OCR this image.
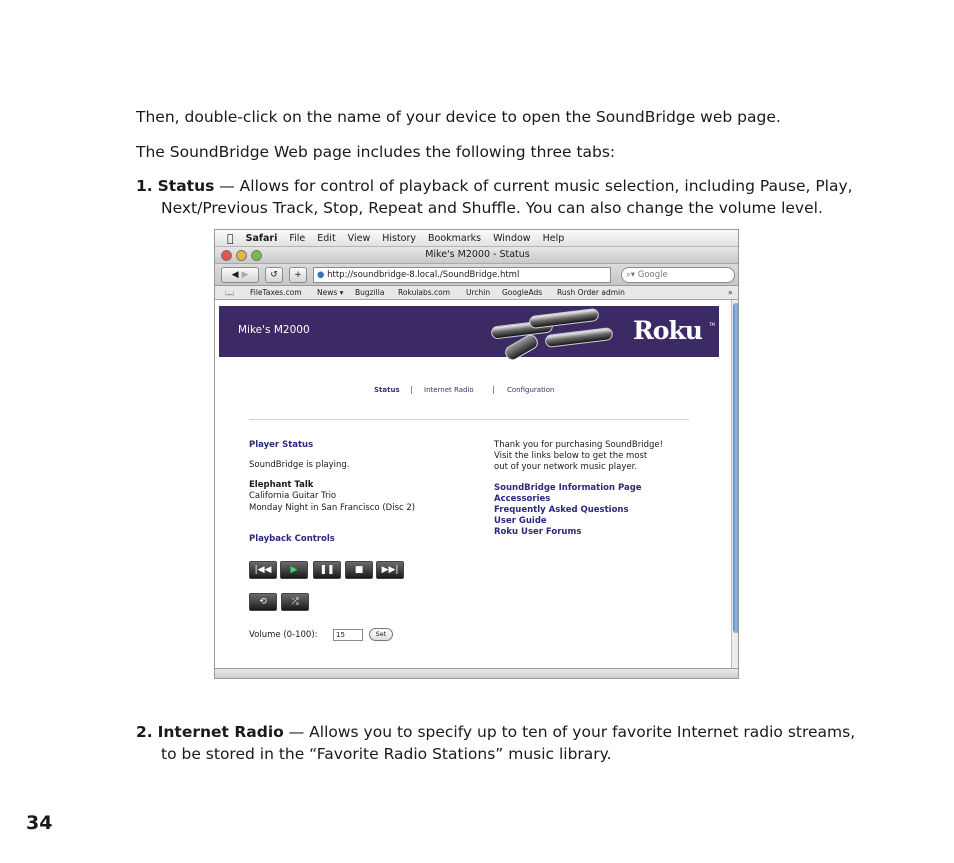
Then, double-click on the name of your device to open the SoundBridge web page.
The SoundBridge Web page includes the following three tabs:
1. Status — Allows for control of playback of current music selection, including Pause, Play,
Next/Previous Track, Stop, Repeat and Shuffle. You can also change the volume level.
2. Internet Radio — Allows you to specify up to ten of your favorite Internet radio streams,
to be stored in the “Favorite Radio Stations” music library.
34
Safari File Edit View History Bookmarks Window Help
Mike's M2000 - Status
◀ ▶	↺	+	● http://soundbridge-8.local./SoundBridge.html	⌕▾ Google
📖 FileTaxes.com News ▾ Bugzilla Rokulabs.com Urchin GoogleAds Rush Order admin	»
Mike's M2000	Roku TM
Status | Internet Radio | Configuration
Player Status
SoundBridge is playing.
Elephant Talk
California Guitar Trio
Monday Night in San Francisco (Disc 2)
Playback Controls
|◀◀	▶	❚❚	■	▶▶|
⟲	⤮
Volume (0-100):	15	Set
Thank you for purchasing SoundBridge!
Visit the links below to get the most
out of your network music player.
SoundBridge Information Page
Accessories
Frequently Asked Questions
User Guide
Roku User Forums
